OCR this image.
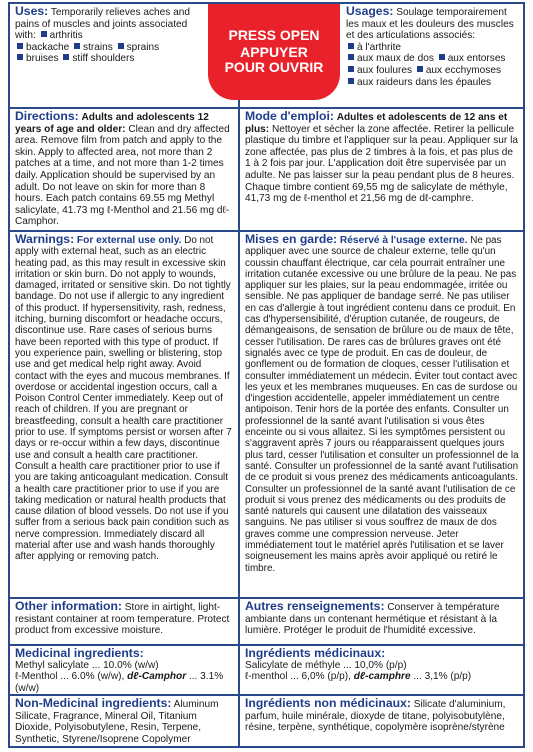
Uses: Temporarily relieves aches and pains of muscles and joints associated with: arthritis
backache strains sprains
bruises stiff shoulders
Usages: Soulage temporairement les maux et les douleurs des muscles et des articulations associés:
à l'arthrite
aux maux de dos aux entorses
aux foulures aux ecchymoses
aux raideurs dans les épaules
PRESS OPEN
APPUYER
POUR OUVRIR
Directions: Adults and adolescents 12 years of age and older: Clean and dry affected area. Remove film from patch and apply to the skin. Apply to affected area, not more than 2 patches at a time, and not more than 1-2 times daily. Application should be supervised by an adult. Do not leave on skin for more than 8 hours. Each patch contains 69.55 mg Methyl salicylate, 41.73 mg ℓ-Menthol and 21.56 mg dℓ-Camphor.
Mode d'emploi: Adultes et adolescents de 12 ans et plus: Nettoyer et sécher la zone affectée. Retirer la pellicule plastique du timbre et l'appliquer sur la peau. Appliquer sur la zone affectée, pas plus de 2 timbres à la fois, et pas plus de 1 à 2 fois par jour. L'application doit être supervisée par un adulte. Ne pas laisser sur la peau pendant plus de 8 heures. Chaque timbre contient 69,55 mg de salicylate de méthyle, 41,73 mg de ℓ-menthol et 21,56 mg de dℓ-camphre.
Warnings: For external use only. Do not apply with external heat, such as an electric heating pad, as this may result in excessive skin irritation or skin burn. Do not apply to wounds, damaged, irritated or sensitive skin. Do not tightly bandage. Do not use if allergic to any ingredient of this product. If hypersensitivity, rash, redness, itching, burning discomfort or headache occurs, discontinue use. Rare cases of serious burns have been reported with this type of product. If you experience pain, swelling or blistering, stop use and get medical help right away. Avoid contact with the eyes and mucous membranes. If overdose or accidental ingestion occurs, call a Poison Control Center immediately. Keep out of reach of children. If you are pregnant or breastfeeding, consult a health care practitioner prior to use. If symptoms persist or worsen after 7 days or re-occur within a few days, discontinue use and consult a health care practitioner. Consult a health care practitioner prior to use if you are taking anticoagulant medication. Consult a health care practitioner prior to use if you are taking medication or natural health products that cause dilation of blood vessels. Do not use if you suffer from a serious back pain condition such as nerve compression. Immediately discard all material after use and wash hands thoroughly after applying or removing patch.
Mises en garde: Réservé à l'usage externe. Ne pas appliquer avec une source de chaleur externe, telle qu'un coussin chauffant électrique, car cela pourrait entraîner une irritation cutanée excessive ou une brûlure de la peau. Ne pas appliquer sur les plaies, sur la peau endommagée, irritée ou sensible. Ne pas appliquer de bandage serré. Ne pas utiliser en cas d'allergie à tout ingrédient contenu dans ce produit. En cas d'hypersensibilité, d'éruption cutanée, de rougeurs, de démangeaisons, de sensation de brûlure ou de maux de tête, cesser l'utilisation. De rares cas de brûlures graves ont été signalés avec ce type de produit. En cas de douleur, de gonflement ou de formation de cloques, cesser l'utilisation et consulter immédiatement un médecin. Éviter tout contact avec les yeux et les membranes muqueuses. En cas de surdose ou d'ingestion accidentelle, appeler immédiatement un centre antipoison. Tenir hors de la portée des enfants. Consulter un professionnel de la santé avant l'utilisation si vous êtes enceinte ou si vous allaitez. Si les symptômes persistent ou s'aggravent après 7 jours ou réapparaissent quelques jours plus tard, cesser l'utilisation et consulter un professionnel de la santé. Consulter un professionnel de la santé avant l'utilisation de ce produit si vous prenez des médicaments anticoagulants. Consulter un professionnel de la santé avant l'utilisation de ce produit si vous prenez des médicaments ou des produits de santé naturels qui causent une dilatation des vaisseaux sanguins. Ne pas utiliser si vous souffrez de maux de dos graves comme une compression nerveuse. Jeter immédiatement tout le matériel après l'utilisation et se laver soigneusement les mains après avoir appliqué ou retiré le timbre.
Other information: Store in airtight, light-resistant container at room temperature. Protect product from excessive moisture.
Autres renseignements: Conserver à température ambiante dans un contenant hermétique et résistant à la lumière. Protéger le produit de l'humidité excessive.

Medicinal ingredients:

Methyl salicylate ... 10.0% (w/w)

ℓ-Menthol ... 6.0% (w/w), dℓ-Camphor ... 3.1% (w/w)

Ingrédients médicinaux:

Salicylate de méthyle ... 10,0% (p/p)

ℓ-menthol ... 6,0% (p/p), dℓ-camphre ... 3,1% (p/p)

Non-Medicinal ingredients: Aluminum Silicate, Fragrance, Mineral Oil, Titanium Dioxide, Polyisobutylene, Resin, Terpene, Synthetic, Styrene/Isoprene Copolymer
Ingrédients non médicinaux: Silicate d'aluminium, parfum, huile minérale, dioxyde de titane, polyisobutylène, résine, terpène, synthétique, copolymère isoprène/styrène
